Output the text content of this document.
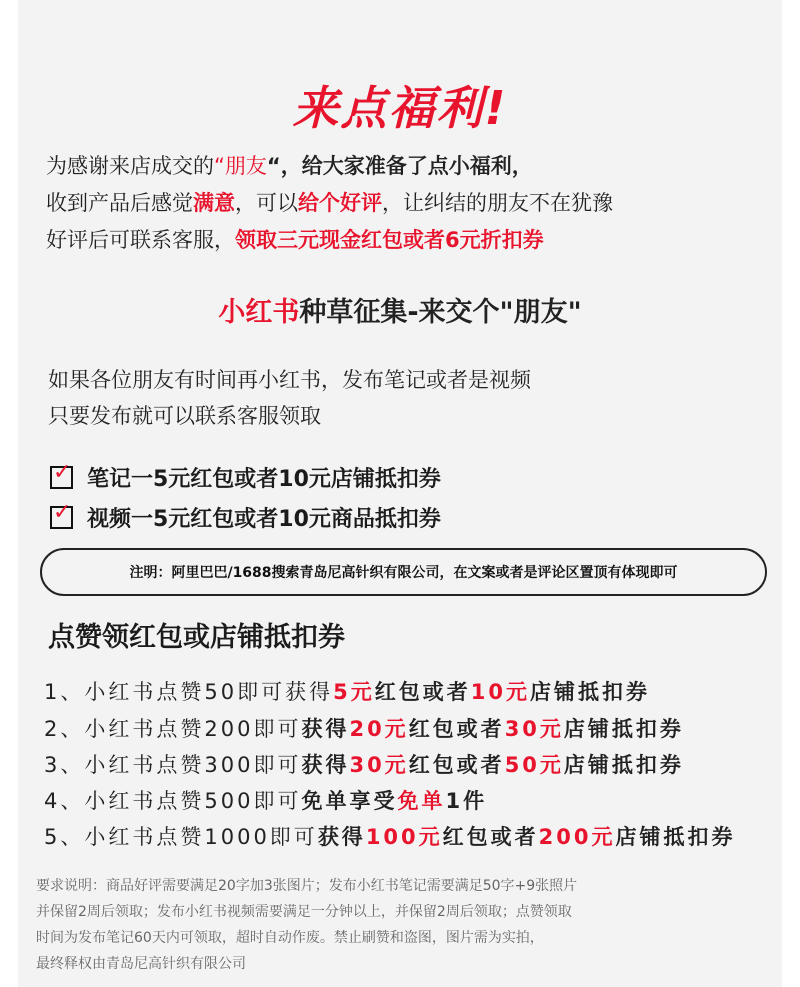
来点福利!
为感谢来店成交的“朋友“，给大家准备了点小福利，
收到产品后感觉满意，可以给个好评，让纠结的朋友不在犹豫
好评后可联系客服，领取三元现金红包或者6元折扣券
小红书种草征集-来交个"朋友"
如果各位朋友有时间再小红书，发布笔记或者是视频
只要发布就可以联系客服领取
✓ 笔记一5元红包或者10元店铺抵扣券
✓ 视频一5元红包或者10元商品抵扣券
注明：阿里巴巴/1688搜索青岛尼高针织有限公司，在文案或者是评论区置顶有体现即可
点赞领红包或店铺抵扣券
1、小红书点赞50即可获得5元红包或者10元店铺抵扣券
2、小红书点赞200即可获得20元红包或者30元店铺抵扣券
3、小红书点赞300即可获得30元红包或者50元店铺抵扣券
4、小红书点赞500即可免单享受免单1件
5、小红书点赞1000即可获得100元红包或者200元店铺抵扣券
要求说明：商品好评需要满足20字加3张图片；发布小红书笔记需要满足50字+9张照片
并保留2周后领取；发布小红书视频需要满足一分钟以上，并保留2周后领取；点赞领取
时间为发布笔记60天内可领取，超时自动作废。禁止刷赞和盗图，图片需为实拍，
最终释权由青岛尼高针织有限公司
